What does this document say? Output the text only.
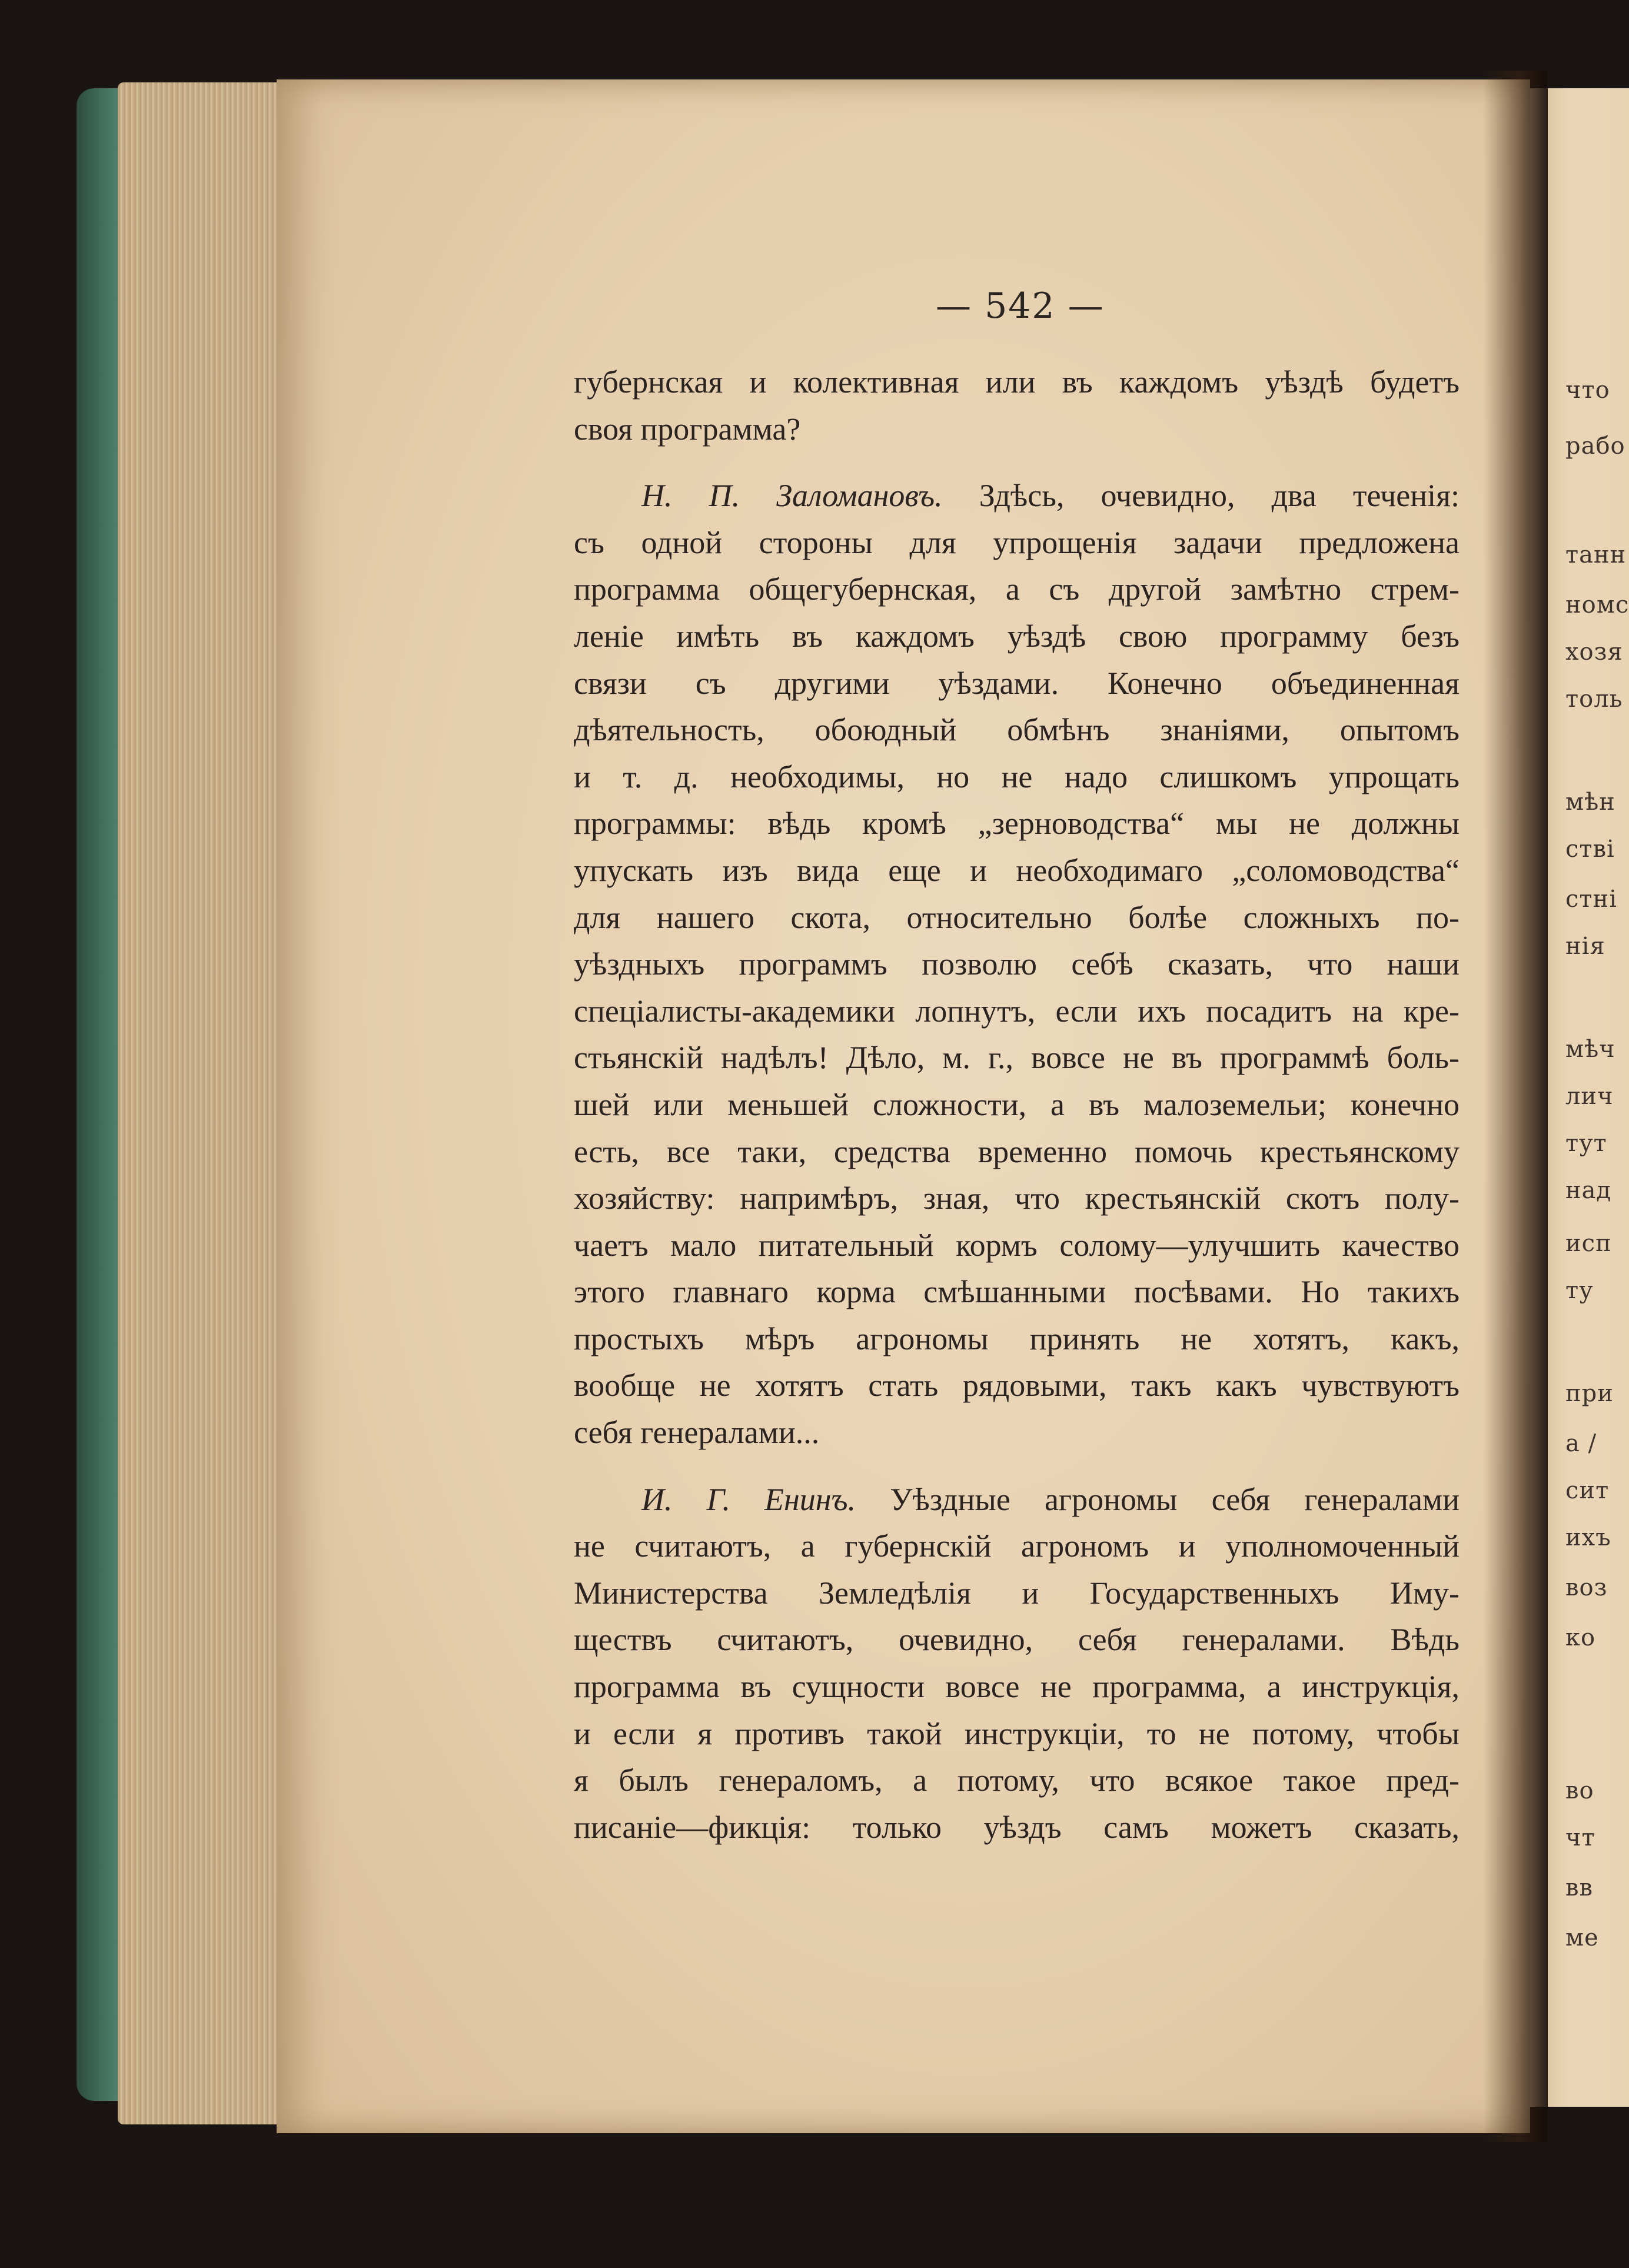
что
рабо
танн
номс
хозя
толь
мѣн
ствi
стні
нія
мѣч
лич
тут
над
исп
ту
при
а /
сит
ихъ
воз
ко
во
чт
вв
ме
— 542 —
губернская и колективная или въ каждомъ уѣздѣ будетъ
своя программа?
Н. П. Заломановъ. Здѣсь, очевидно, два теченія:
съ одной стороны для упрощенія задачи предложена
программа общегубернская, а съ другой замѣтно стрем-
леніе имѣть въ каждомъ уѣздѣ свою программу безъ
связи съ другими уѣздами. Конечно объединенная
дѣятельность, обоюдный обмѣнъ знаніями, опытомъ
и т. д. необходимы, но не надо слишкомъ упрощать
программы: вѣдь кромѣ „зерноводства“ мы не должны
упускать изъ вида еще и необходимаго „соломоводства“
для нашего скота, относительно болѣе сложныхъ по-
уѣздныхъ программъ позволю себѣ сказать, что наши
спеціалисты-академики лопнутъ, если ихъ посадитъ на кре-
стьянскій надѣлъ! Дѣло, м. г., вовсе не въ программѣ боль-
шей или меньшей сложности, а въ малоземельи; конечно
есть, все таки, средства временно помочь крестьянскому
хозяйству: напримѣръ, зная, что крестьянскій скотъ полу-
чаетъ мало питательный кормъ солому—улучшить качество
этого главнаго корма смѣшанными посѣвами. Но такихъ
простыхъ мѣръ агрономы принять не хотятъ, какъ,
вообще не хотятъ стать рядовыми, такъ какъ чувствуютъ
себя генералами...
И. Г. Енинъ. Уѣздные агрономы себя генералами
не считаютъ, а губернскій агрономъ и уполномоченный
Министерства Земледѣлія и Государственныхъ Иму-
ществъ считаютъ, очевидно, себя генералами. Вѣдь
программа въ сущности вовсе не программа, а инструкція,
и если я противъ такой инструкціи, то не потому, чтобы
я былъ генераломъ, а потому, что всякое такое пред-
писаніе—фикція: только уѣздъ самъ можетъ сказать,
